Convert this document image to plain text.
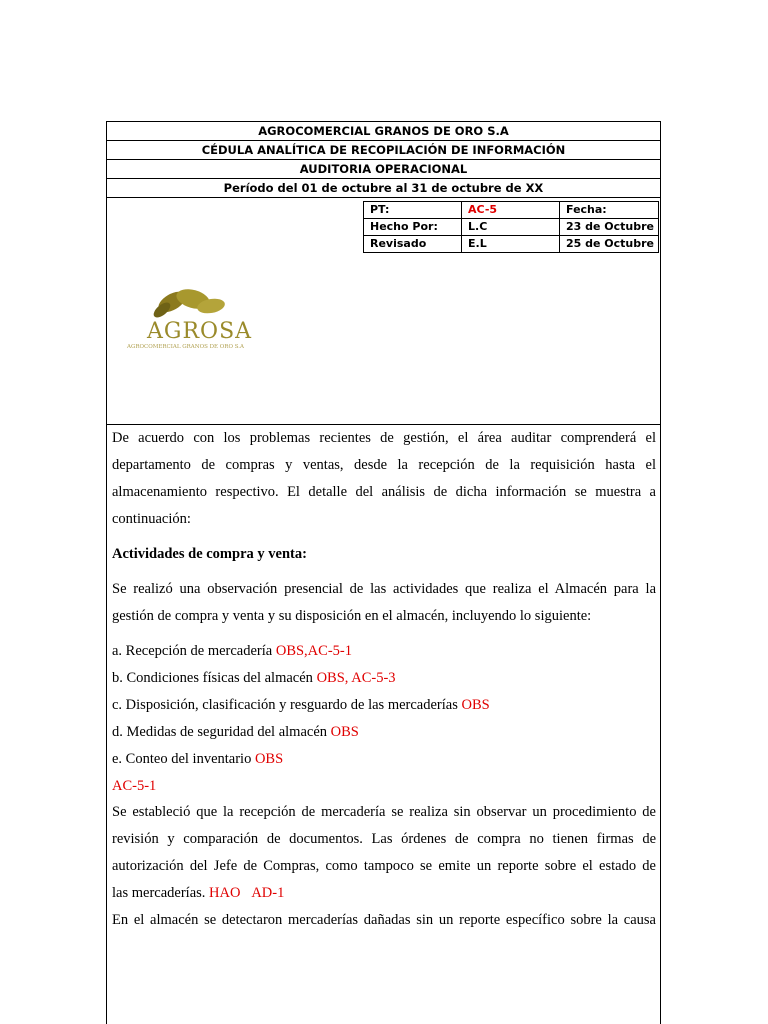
AGROCOMERCIAL GRANOS DE ORO S.A
CÉDULA ANALÍTICA DE RECOPILACIÓN DE INFORMACIÓN
AUDITORIA OPERACIONAL
Período del 01 de octubre al 31 de octubre de XX
PT:	AC-5	Fecha:
Hecho Por:	L.C	23 de Octubre
Revisado	E.L	25 de Octubre
AGROSA
AGROCOMERCIAL GRANOS DE ORO S.A

De acuerdo con los problemas recientes de gestión, el área auditar comprenderá el

departamento de compras y ventas, desde la recepción de la requisición hasta el

almacenamiento respectivo. El detalle del análisis de dicha información se muestra a

continuación:

Actividades de compra y venta:

Se realizó una observación presencial de las actividades que realiza el Almacén para la

gestión de compra y venta y su disposición en el almacén, incluyendo lo siguiente:

a. Recepción de mercadería OBS,AC-5-1

b. Condiciones físicas del almacén OBS, AC-5-3

c. Disposición, clasificación y resguardo de las mercaderías OBS

d. Medidas de seguridad del almacén OBS

e. Conteo del inventario OBS

AC-5-1

Se estableció que la recepción de mercadería se realiza sin observar un procedimiento de

revisión y comparación de documentos. Las órdenes de compra no tienen firmas de

autorización del Jefe de Compras, como tampoco se emite un reporte sobre el estado de

las mercaderías. HAO AD-1

En el almacén se detectaron mercaderías dañadas sin un reporte específico sobre la causa
